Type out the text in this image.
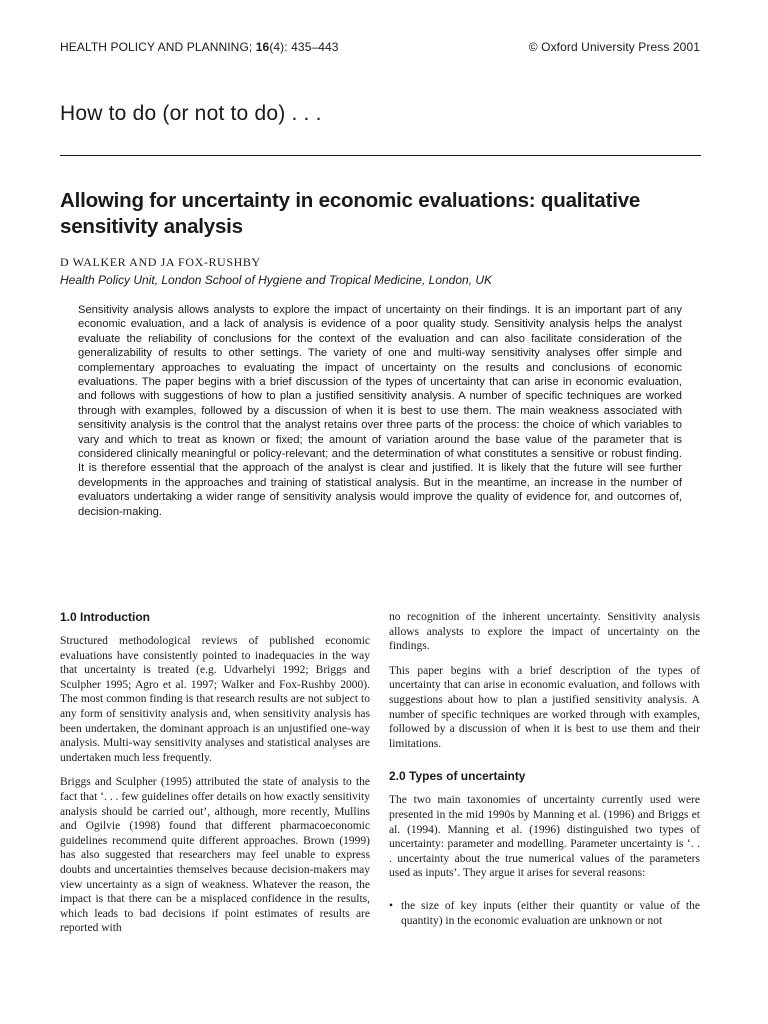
HEALTH POLICY AND PLANNING; 16(4): 435–443	© Oxford University Press 2001
How to do (or not to do) . . .
Allowing for uncertainty in economic evaluations: qualitative sensitivity analysis
D WALKER AND JA FOX-RUSHBY
Health Policy Unit, London School of Hygiene and Tropical Medicine, London, UK

Sensitivity analysis allows analysts to explore the impact of uncertainty on their findings. It is an important part of any economic evaluation, and a lack of analysis is evidence of a poor quality study. Sensitivity analysis helps the analyst evaluate the reliability of conclusions for the context of the evaluation and can also facilitate consideration of the generalizability of results to other settings. The variety of one and multi-way sensitivity analyses offer simple and complementary approaches to evaluating the impact of uncertainty on the results and conclusions of economic evaluations. The paper begins with a brief discussion of the types of uncertainty that can arise in economic evaluation, and follows with suggestions of how to plan a justified sensitivity analysis. A number of specific techniques are worked through with examples, followed by a discussion of when it is best to use them. The main weakness associated with sensitivity analysis is the control that the analyst retains over three parts of the process: the choice of which variables to vary and which to treat as known or fixed; the amount of variation around the base value of the parameter that is considered clinically meaningful or policy-relevant; and the determination of what constitutes a sensitive or robust finding. It is therefore essential that the approach of the analyst is clear and justified. It is likely that the future will see further developments in the approaches and training of statistical analysis. But in the meantime, an increase in the number of evaluators undertaking a wider range of sensitivity analysis would improve the quality of evidence for, and outcomes of, decision-making.

1.0 Introduction

Structured methodological reviews of published economic evaluations have consistently pointed to inadequacies in the way that uncertainty is treated (e.g. Udvarhelyi 1992; Briggs and Sculpher 1995; Agro et al. 1997; Walker and Fox-Rushby 2000). The most common finding is that research results are not subject to any form of sensitivity analysis and, when sensitivity analysis has been undertaken, the dominant approach is an unjustified one-way analysis. Multi-way sensitivity analyses and statistical analyses are undertaken much less frequently.

Briggs and Sculpher (1995) attributed the state of analysis to the fact that ‘. . . few guidelines offer details on how exactly sensitivity analysis should be carried out’, although, more recently, Mullins and Ogilvie (1998) found that different pharmacoeconomic guidelines recommend quite different approaches. Brown (1999) has also suggested that researchers may feel unable to express doubts and uncertainties themselves because decision-makers may view uncertainty as a sign of weakness. Whatever the reason, the impact is that there can be a misplaced confidence in the results, which leads to bad decisions if point estimates of results are reported with

no recognition of the inherent uncertainty. Sensitivity analysis allows analysts to explore the impact of uncertainty on the findings.

This paper begins with a brief description of the types of uncertainty that can arise in economic evaluation, and follows with suggestions about how to plan a justified sensitivity analysis. A number of specific techniques are worked through with examples, followed by a discussion of when it is best to use them and their limitations.

2.0 Types of uncertainty

The two main taxonomies of uncertainty currently used were presented in the mid 1990s by Manning et al. (1996) and Briggs et al. (1994). Manning et al. (1996) distinguished two types of uncertainty: parameter and modelling. Parameter uncertainty is ‘. . . uncertainty about the true numerical values of the parameters used as inputs’. They argue it arises for several reasons:

• the size of key inputs (either their quantity or value of the quantity) in the economic evaluation are unknown or not
